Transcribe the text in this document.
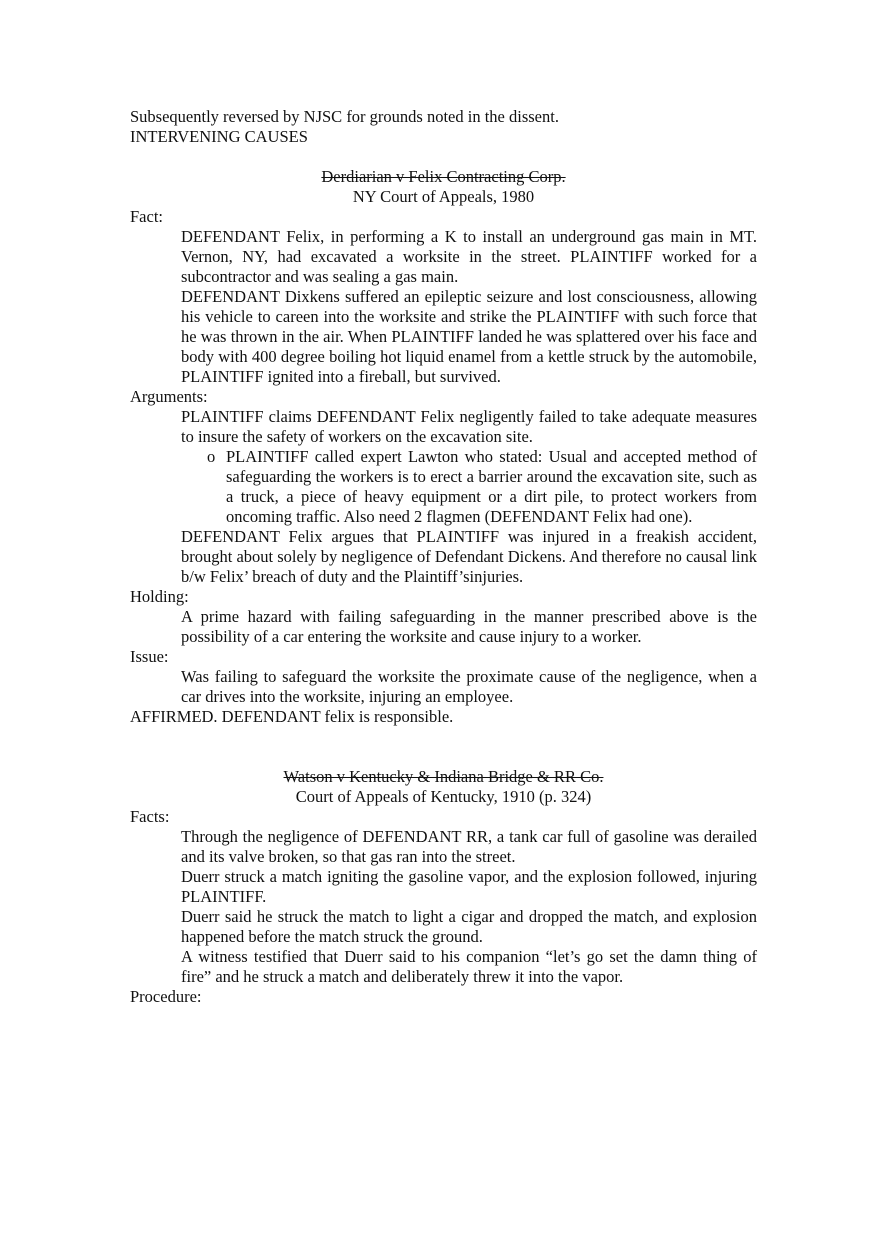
Subsequently reversed by NJSC for grounds noted in the dissent.
INTERVENING CAUSES
Derdiarian v Felix Contracting Corp.
NY Court of Appeals, 1980
Fact:
DEFENDANT Felix, in performing a K to install an underground gas main in MT. Vernon, NY, had excavated a worksite in the street. PLAINTIFF worked for a subcontractor and was sealing a gas main.
DEFENDANT Dixkens suffered an epileptic seizure and lost consciousness, allowing his vehicle to careen into the worksite and strike the PLAINTIFF with such force that he was thrown in the air. When PLAINTIFF landed he was splattered over his face and body with 400 degree boiling hot liquid enamel from a kettle struck by the automobile, PLAINTIFF ignited into a fireball, but survived.
Arguments:
PLAINTIFF claims DEFENDANT Felix negligently failed to take adequate measures to insure the safety of workers on the excavation site.
o PLAINTIFF called expert Lawton who stated: Usual and accepted method of safeguarding the workers is to erect a barrier around the excavation site, such as a truck, a piece of heavy equipment or a dirt pile, to protect workers from oncoming traffic. Also need 2 flagmen (DEFENDANT Felix had one).
DEFENDANT Felix argues that PLAINTIFF was injured in a freakish accident, brought about solely by negligence of Defendant Dickens. And therefore no causal link b/w Felix’ breach of duty and the Plaintiff’sinjuries.
Holding:
A prime hazard with failing safeguarding in the manner prescribed above is the possibility of a car entering the worksite and cause injury to a worker.
Issue:
Was failing to safeguard the worksite the proximate cause of the negligence, when a car drives into the worksite, injuring an employee.
AFFIRMED. DEFENDANT felix is responsible.
Watson v Kentucky & Indiana Bridge & RR Co.
Court of Appeals of Kentucky, 1910 (p. 324)
Facts:
Through the negligence of DEFENDANT RR, a tank car full of gasoline was derailed and its valve broken, so that gas ran into the street.
Duerr struck a match igniting the gasoline vapor, and the explosion followed, injuring PLAINTIFF.
Duerr said he struck the match to light a cigar and dropped the match, and explosion happened before the match struck the ground.
A witness testified that Duerr said to his companion “let’s go set the damn thing of fire” and he struck a match and deliberately threw it into the vapor.
Procedure:
